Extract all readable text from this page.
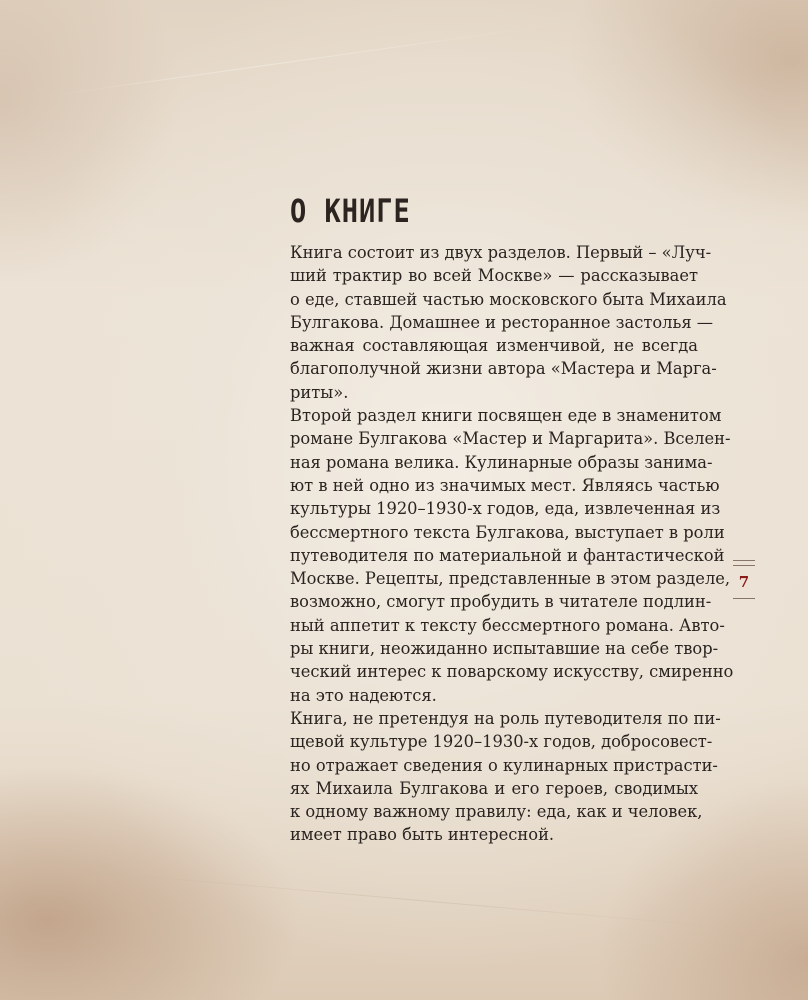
О КНИГЕ
Книга состоит из двух разделов. Первый – «Луч-
ший трактир во всей Москве» — рассказывает
о еде, ставшей частью московского быта Михаила
Булгакова. Домашнее и ресторанное застолья —
важная составляющая изменчивой, не всегда
благополучной жизни автора «Мастера и Марга-
риты».
Второй раздел книги посвящен еде в знаменитом
романе Булгакова «Мастер и Маргарита». Вселен-
ная романа велика. Кулинарные образы занима-
ют в ней одно из значимых мест. Являясь частью
культуры 1920–1930-х годов, еда, извлеченная из
бессмертного текста Булгакова, выступает в роли
путеводителя по материальной и фантастической
Москве. Рецепты, представленные в этом разделе,
возможно, смогут пробудить в читателе подлин-
ный аппетит к тексту бессмертного романа. Авто-
ры книги, неожиданно испытавшие на себе твор-
ческий интерес к поварскому искусству, смиренно
на это надеются.
Книга, не претендуя на роль путеводителя по пи-
щевой культуре 1920–1930-х годов, добросовест-
но отражает сведения о кулинарных пристрасти-
ях Михаила Булгакова и его героев, сводимых
к одному важному правилу: еда, как и человек,
имеет право быть интересной.
7
